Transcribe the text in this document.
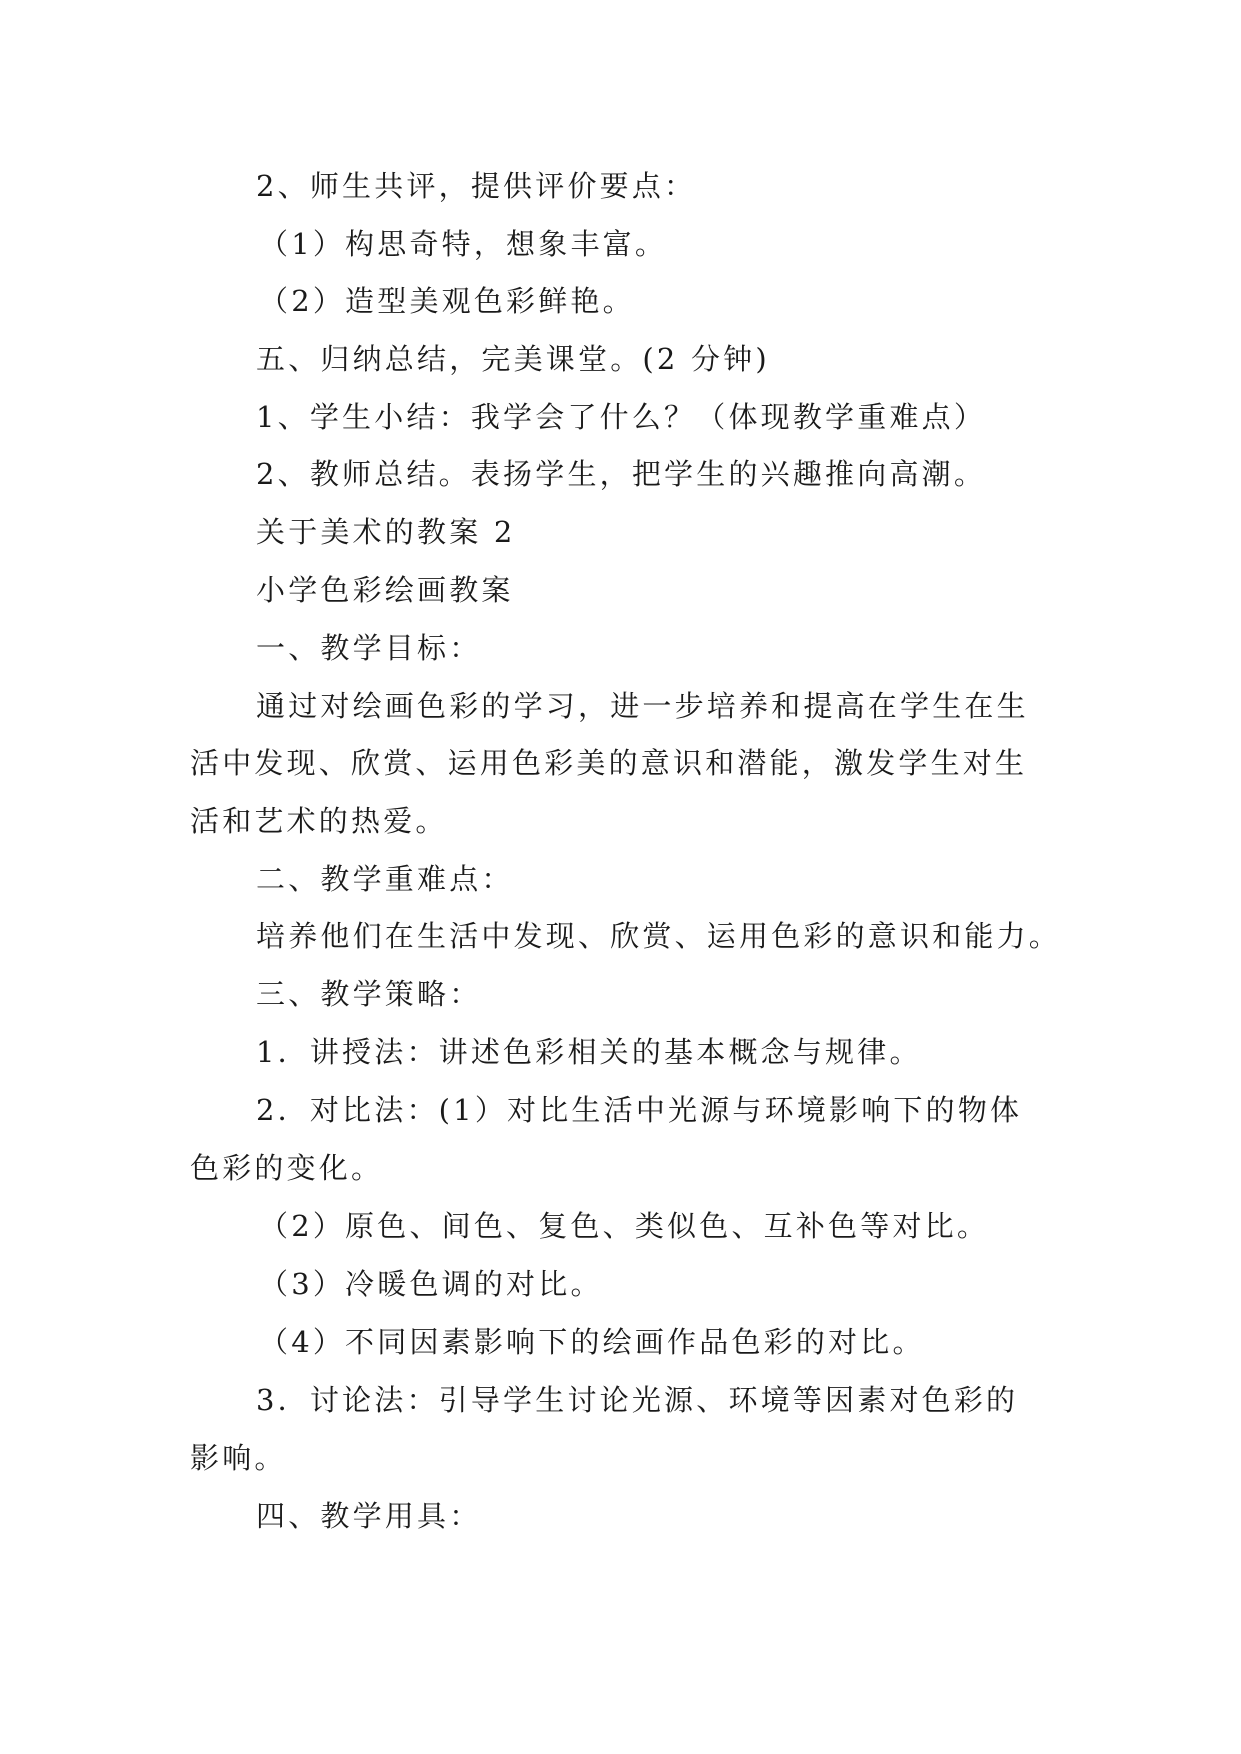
2、师生共评，提供评价要点：
（1）构思奇特，想象丰富。
（2）造型美观色彩鲜艳。
五、归纳总结，完美课堂。(2 分钟)
1、学生小结：我学会了什么？（体现教学重难点）
2、教师总结。表扬学生，把学生的兴趣推向高潮。
关于美术的教案 2
小学色彩绘画教案
一、教学目标：
通过对绘画色彩的学习，进一步培养和提高在学生在生
活中发现、欣赏、运用色彩美的意识和潜能，激发学生对生
活和艺术的热爱。
二、教学重难点：
培养他们在生活中发现、欣赏、运用色彩的意识和能力。
三、教学策略：
1．讲授法：讲述色彩相关的基本概念与规律。
2．对比法：(1）对比生活中光源与环境影响下的物体
色彩的变化。
（2）原色、间色、复色、类似色、互补色等对比。
（3）冷暖色调的对比。
（4）不同因素影响下的绘画作品色彩的对比。
3．讨论法：引导学生讨论光源、环境等因素对色彩的
影响。
四、教学用具：
